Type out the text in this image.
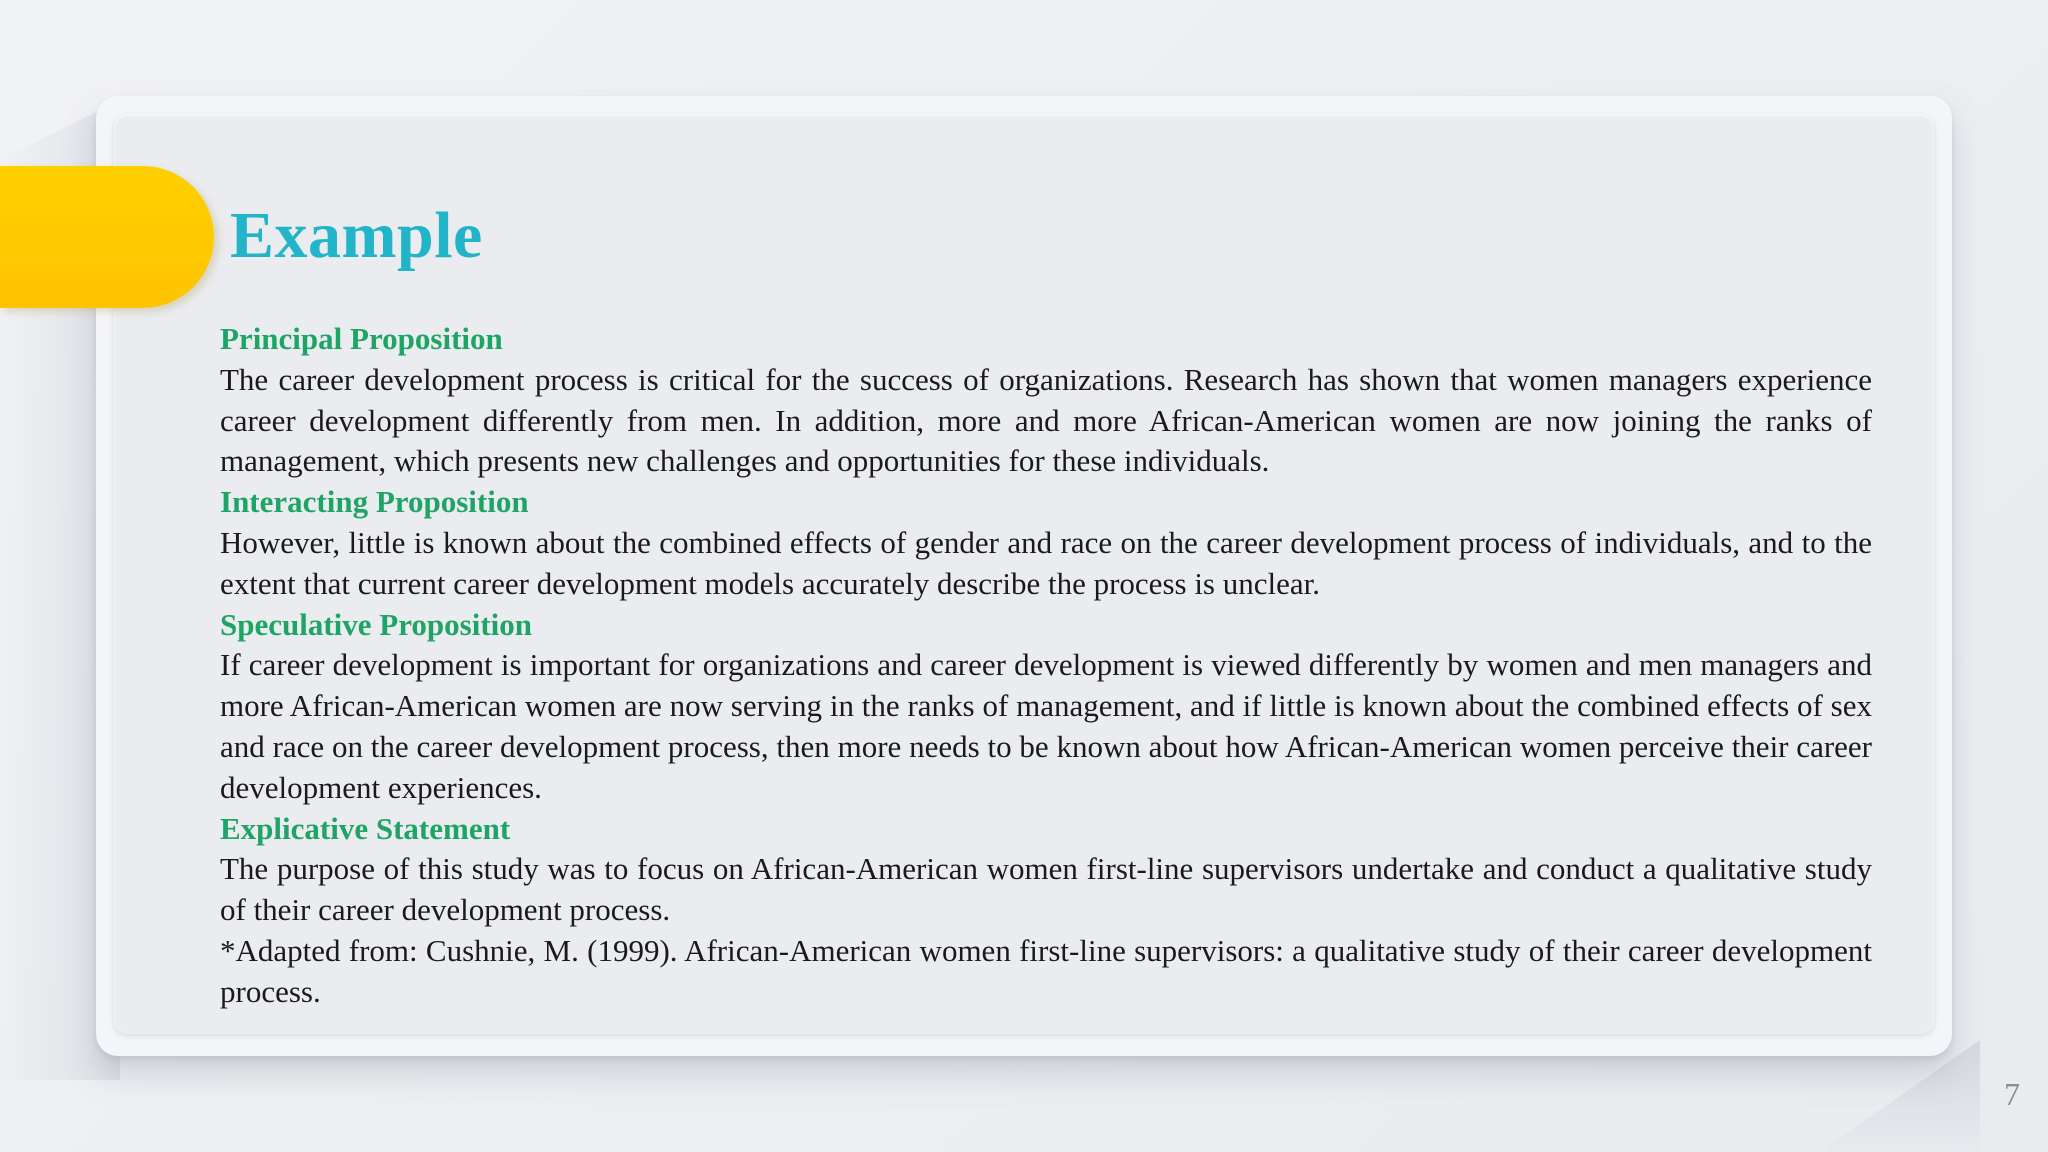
Example

Principal Proposition

The career development process is critical for the success of organizations. Research has shown that women managers experience career development differently from men. In addition, more and more African-American women are now joining the ranks of management, which presents new challenges and opportunities for these individuals.

Interacting Proposition

However, little is known about the combined effects of gender and race on the career development process of individuals, and to the extent that current career development models accurately describe the process is unclear.

Speculative Proposition

If career development is important for organizations and career development is viewed differently by women and men managers and more African-American women are now serving in the ranks of management, and if little is known about the combined effects of sex and race on the career development process, then more needs to be known about how African-American women perceive their career development experiences.

Explicative Statement

The purpose of this study was to focus on African-American women first-line supervisors undertake and conduct a qualitative study of their career development process.

*Adapted from: Cushnie, M. (1999). African-American women first-line supervisors: a qualitative study of their career development process.

7
